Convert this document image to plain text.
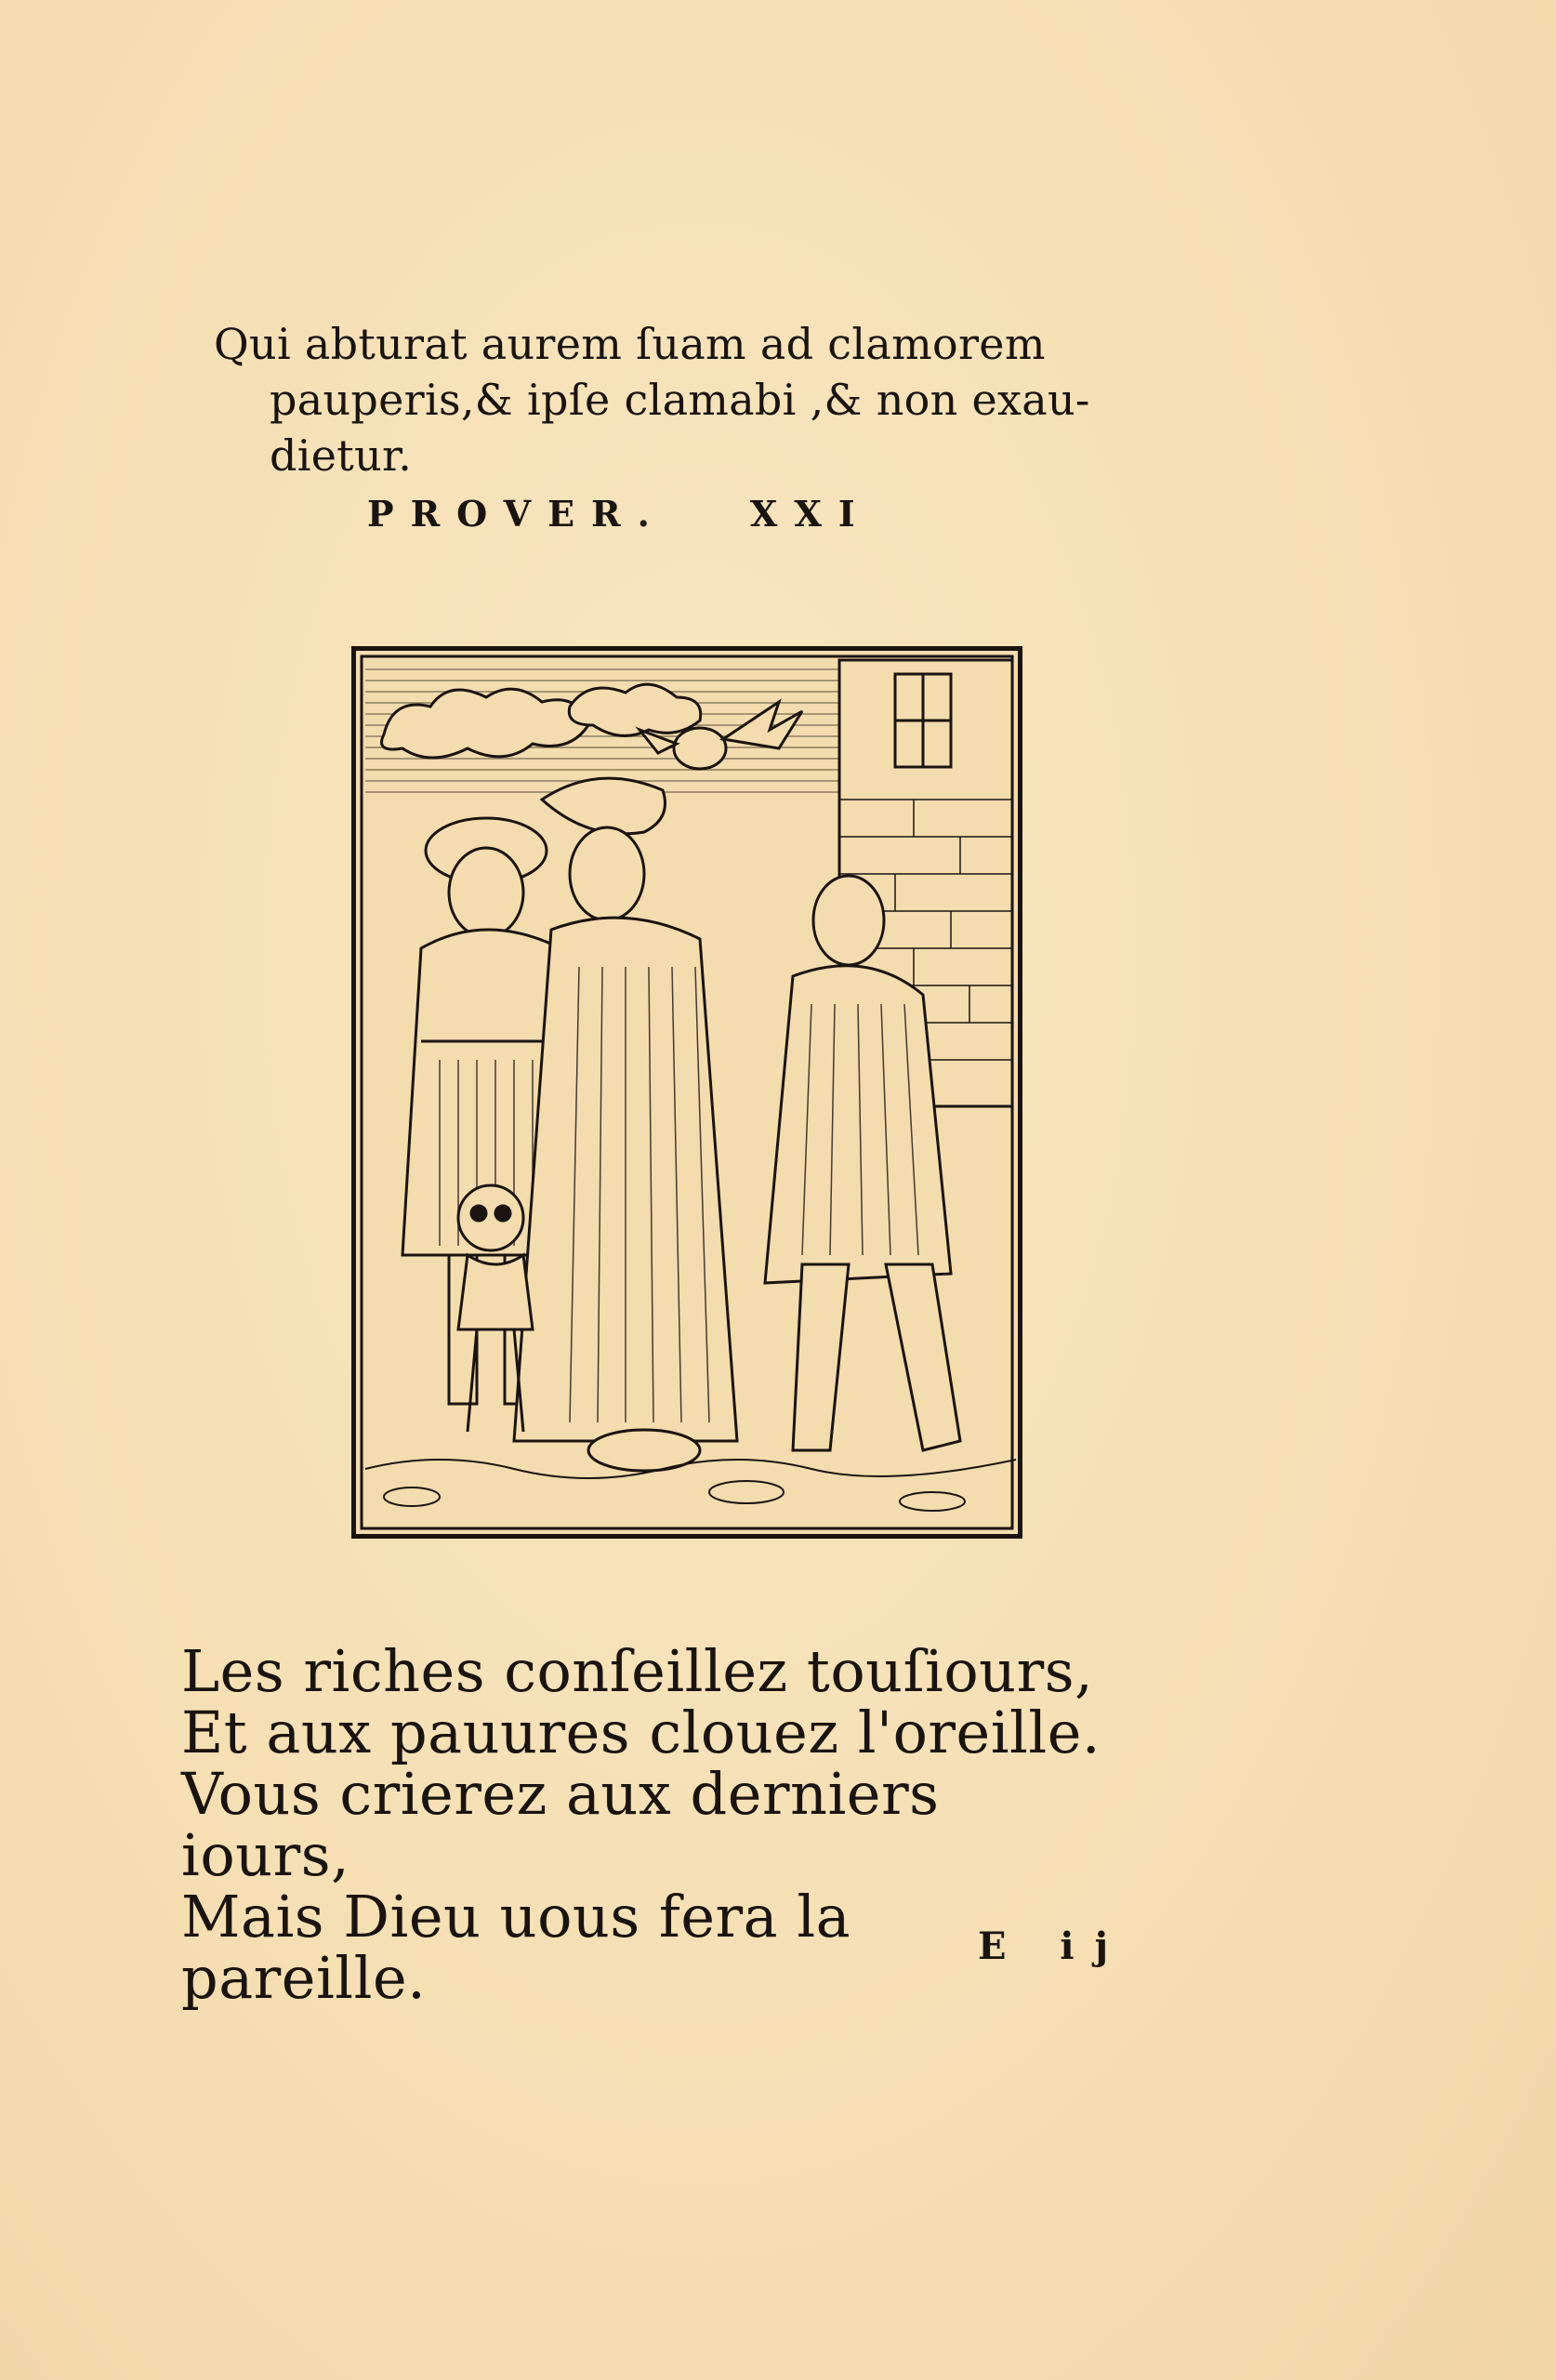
Qui abturat aurem ſuam ad clamorem
pauperis,& ipſe clamabi ,& non exau-
dietur.
PROVER. XXI
Les riches conſeillez touſiours,
Et aux pauures clouez l'oreille.
Vous crierez aux derniers iours,
Mais Dieu uous fera la pareille.	E ij
